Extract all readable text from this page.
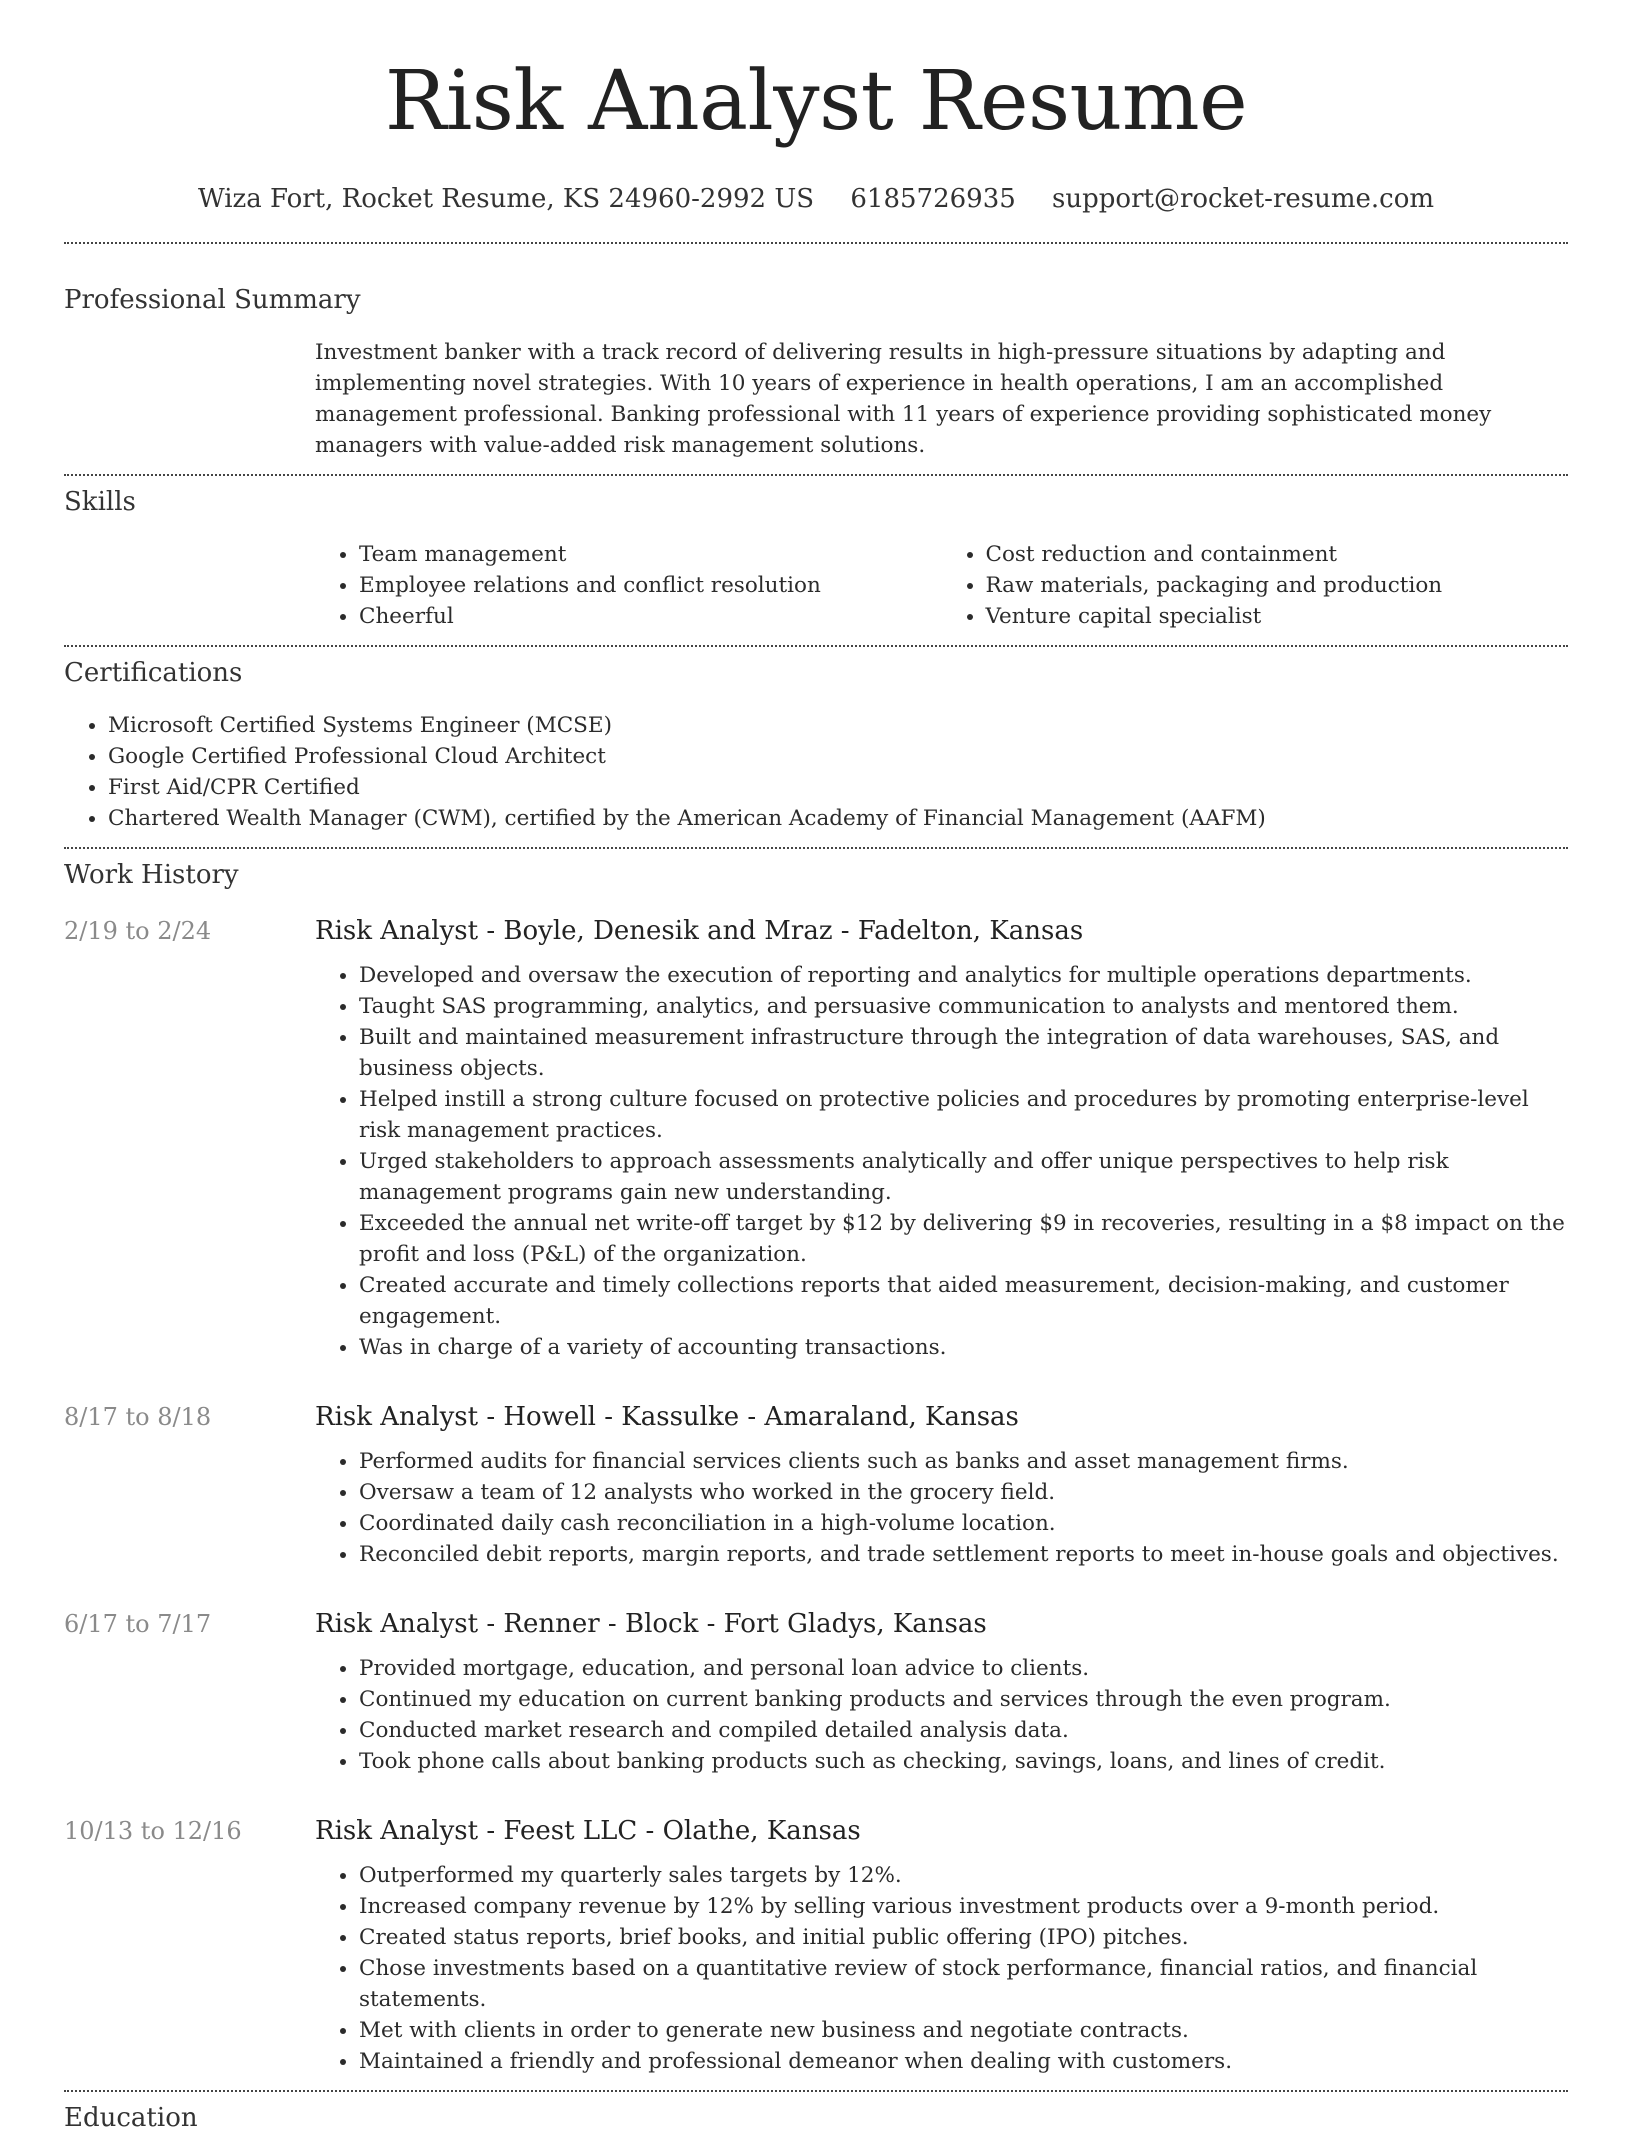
Risk Analyst Resume
Wiza Fort, Rocket Resume, KS 24960-2992 US 6185726935 support@rocket-resume.com
Professional Summary
Investment banker with a track record of delivering results in high-pressure situations by adapting and implementing novel strategies. With 10 years of experience in health operations, I am an accomplished management professional. Banking professional with 11 years of experience providing sophisticated money managers with value-added risk management solutions.
Skills
• Team management
• Employee relations and conflict resolution
• Cheerful
• Cost reduction and containment
• Raw materials, packaging and production
• Venture capital specialist
Certifications
• Microsoft Certified Systems Engineer (MCSE)
• Google Certified Professional Cloud Architect
• First Aid/CPR Certified
• Chartered Wealth Manager (CWM), certified by the American Academy of Financial Management (AAFM)
Work History
2/19 to 2/24	Risk Analyst - Boyle, Denesik and Mraz - Fadelton, Kansas
• Developed and oversaw the execution of reporting and analytics for multiple operations departments.
• Taught SAS programming, analytics, and persuasive communication to analysts and mentored them.
• Built and maintained measurement infrastructure through the integration of data warehouses, SAS, and business objects.
• Helped instill a strong culture focused on protective policies and procedures by promoting enterprise-level risk management practices.
• Urged stakeholders to approach assessments analytically and offer unique perspectives to help risk management programs gain new understanding.
• Exceeded the annual net write-off target by $12 by delivering $9 in recoveries, resulting in a $8 impact on the profit and loss (P&L) of the organization.
• Created accurate and timely collections reports that aided measurement, decision-making, and customer engagement.
• Was in charge of a variety of accounting transactions.
8/17 to 8/18	Risk Analyst - Howell - Kassulke - Amaraland, Kansas
• Performed audits for financial services clients such as banks and asset management firms.
• Oversaw a team of 12 analysts who worked in the grocery field.
• Coordinated daily cash reconciliation in a high-volume location.
• Reconciled debit reports, margin reports, and trade settlement reports to meet in-house goals and objectives.
6/17 to 7/17	Risk Analyst - Renner - Block - Fort Gladys, Kansas
• Provided mortgage, education, and personal loan advice to clients.
• Continued my education on current banking products and services through the even program.
• Conducted market research and compiled detailed analysis data.
• Took phone calls about banking products such as checking, savings, loans, and lines of credit.
10/13 to 12/16	Risk Analyst - Feest LLC - Olathe, Kansas
• Outperformed my quarterly sales targets by 12%.
• Increased company revenue by 12% by selling various investment products over a 9-month period.
• Created status reports, brief books, and initial public offering (IPO) pitches.
• Chose investments based on a quantitative review of stock performance, financial ratios, and financial statements.
• Met with clients in order to generate new business and negotiate contracts.
• Maintained a friendly and professional demeanor when dealing with customers.
Education
